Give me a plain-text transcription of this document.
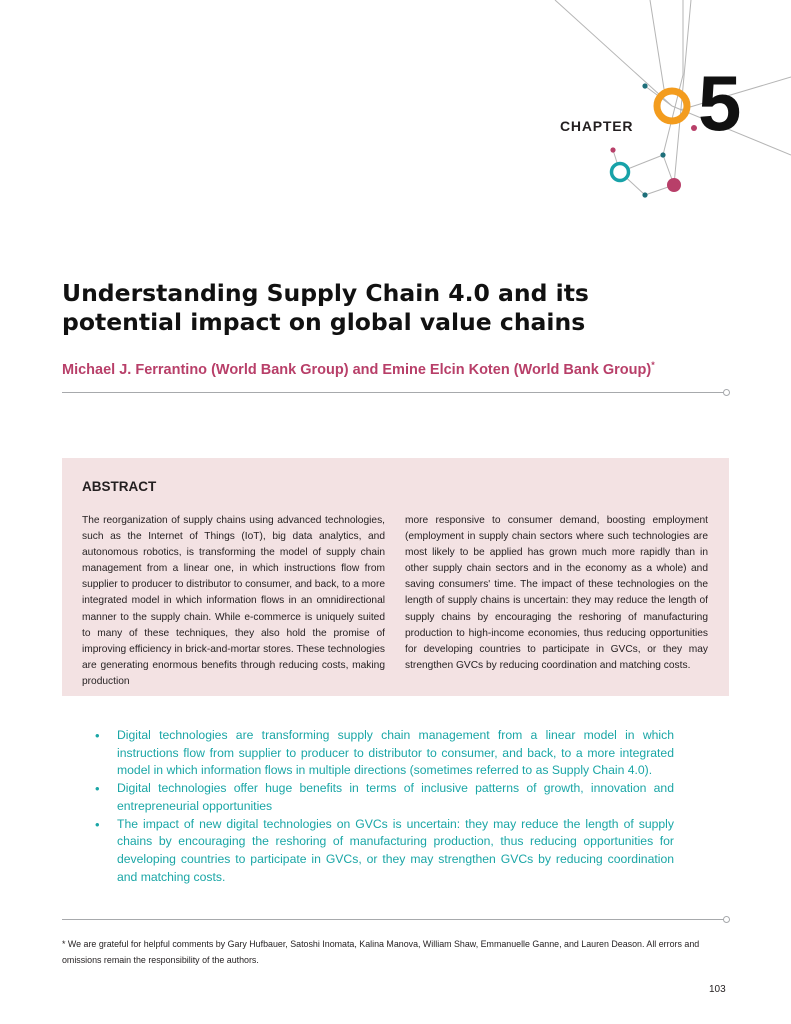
CHAPTER 5
Understanding Supply Chain 4.0 and its potential impact on global value chains
Michael J. Ferrantino (World Bank Group) and Emine Elcin Koten (World Bank Group)*
ABSTRACT

The reorganization of supply chains using advanced technologies, such as the Internet of Things (IoT), big data analytics, and autonomous robotics, is transforming the model of supply chain management from a linear one, in which instructions flow from supplier to producer to distributor to consumer, and back, to a more integrated model in which information flows in an omnidirectional manner to the supply chain. While e-commerce is uniquely suited to many of these techniques, they also hold the promise of improving efficiency in brick-and-mortar stores. These technologies are generating enormous benefits through reducing costs, making production

more responsive to consumer demand, boosting employment (employment in supply chain sectors where such technologies are most likely to be applied has grown much more rapidly than in other supply chain sectors and in the economy as a whole) and saving consumers' time. The impact of these technologies on the length of supply chains is uncertain: they may reduce the length of supply chains by encouraging the reshoring of manufacturing production to high-income economies, thus reducing opportunities for developing countries to participate in GVCs, or they may strengthen GVCs by reducing coordination and matching costs.

• Digital technologies are transforming supply chain management from a linear model in which instructions flow from supplier to producer to distributor to consumer, and back, to a more integrated model in which information flows in multiple directions (sometimes referred to as Supply Chain 4.0).
• Digital technologies offer huge benefits in terms of inclusive patterns of growth, innovation and entrepreneurial opportunities
• The impact of new digital technologies on GVCs is uncertain: they may reduce the length of supply chains by encouraging the reshoring of manufacturing production, thus reducing opportunities for developing countries to participate in GVCs, or they may strengthen GVCs by reducing coordination and matching costs.

* We are grateful for helpful comments by Gary Hufbauer, Satoshi Inomata, Kalina Manova, William Shaw, Emmanuelle Ganne, and Lauren Deason. All errors and omissions remain the responsibility of the authors.

103
